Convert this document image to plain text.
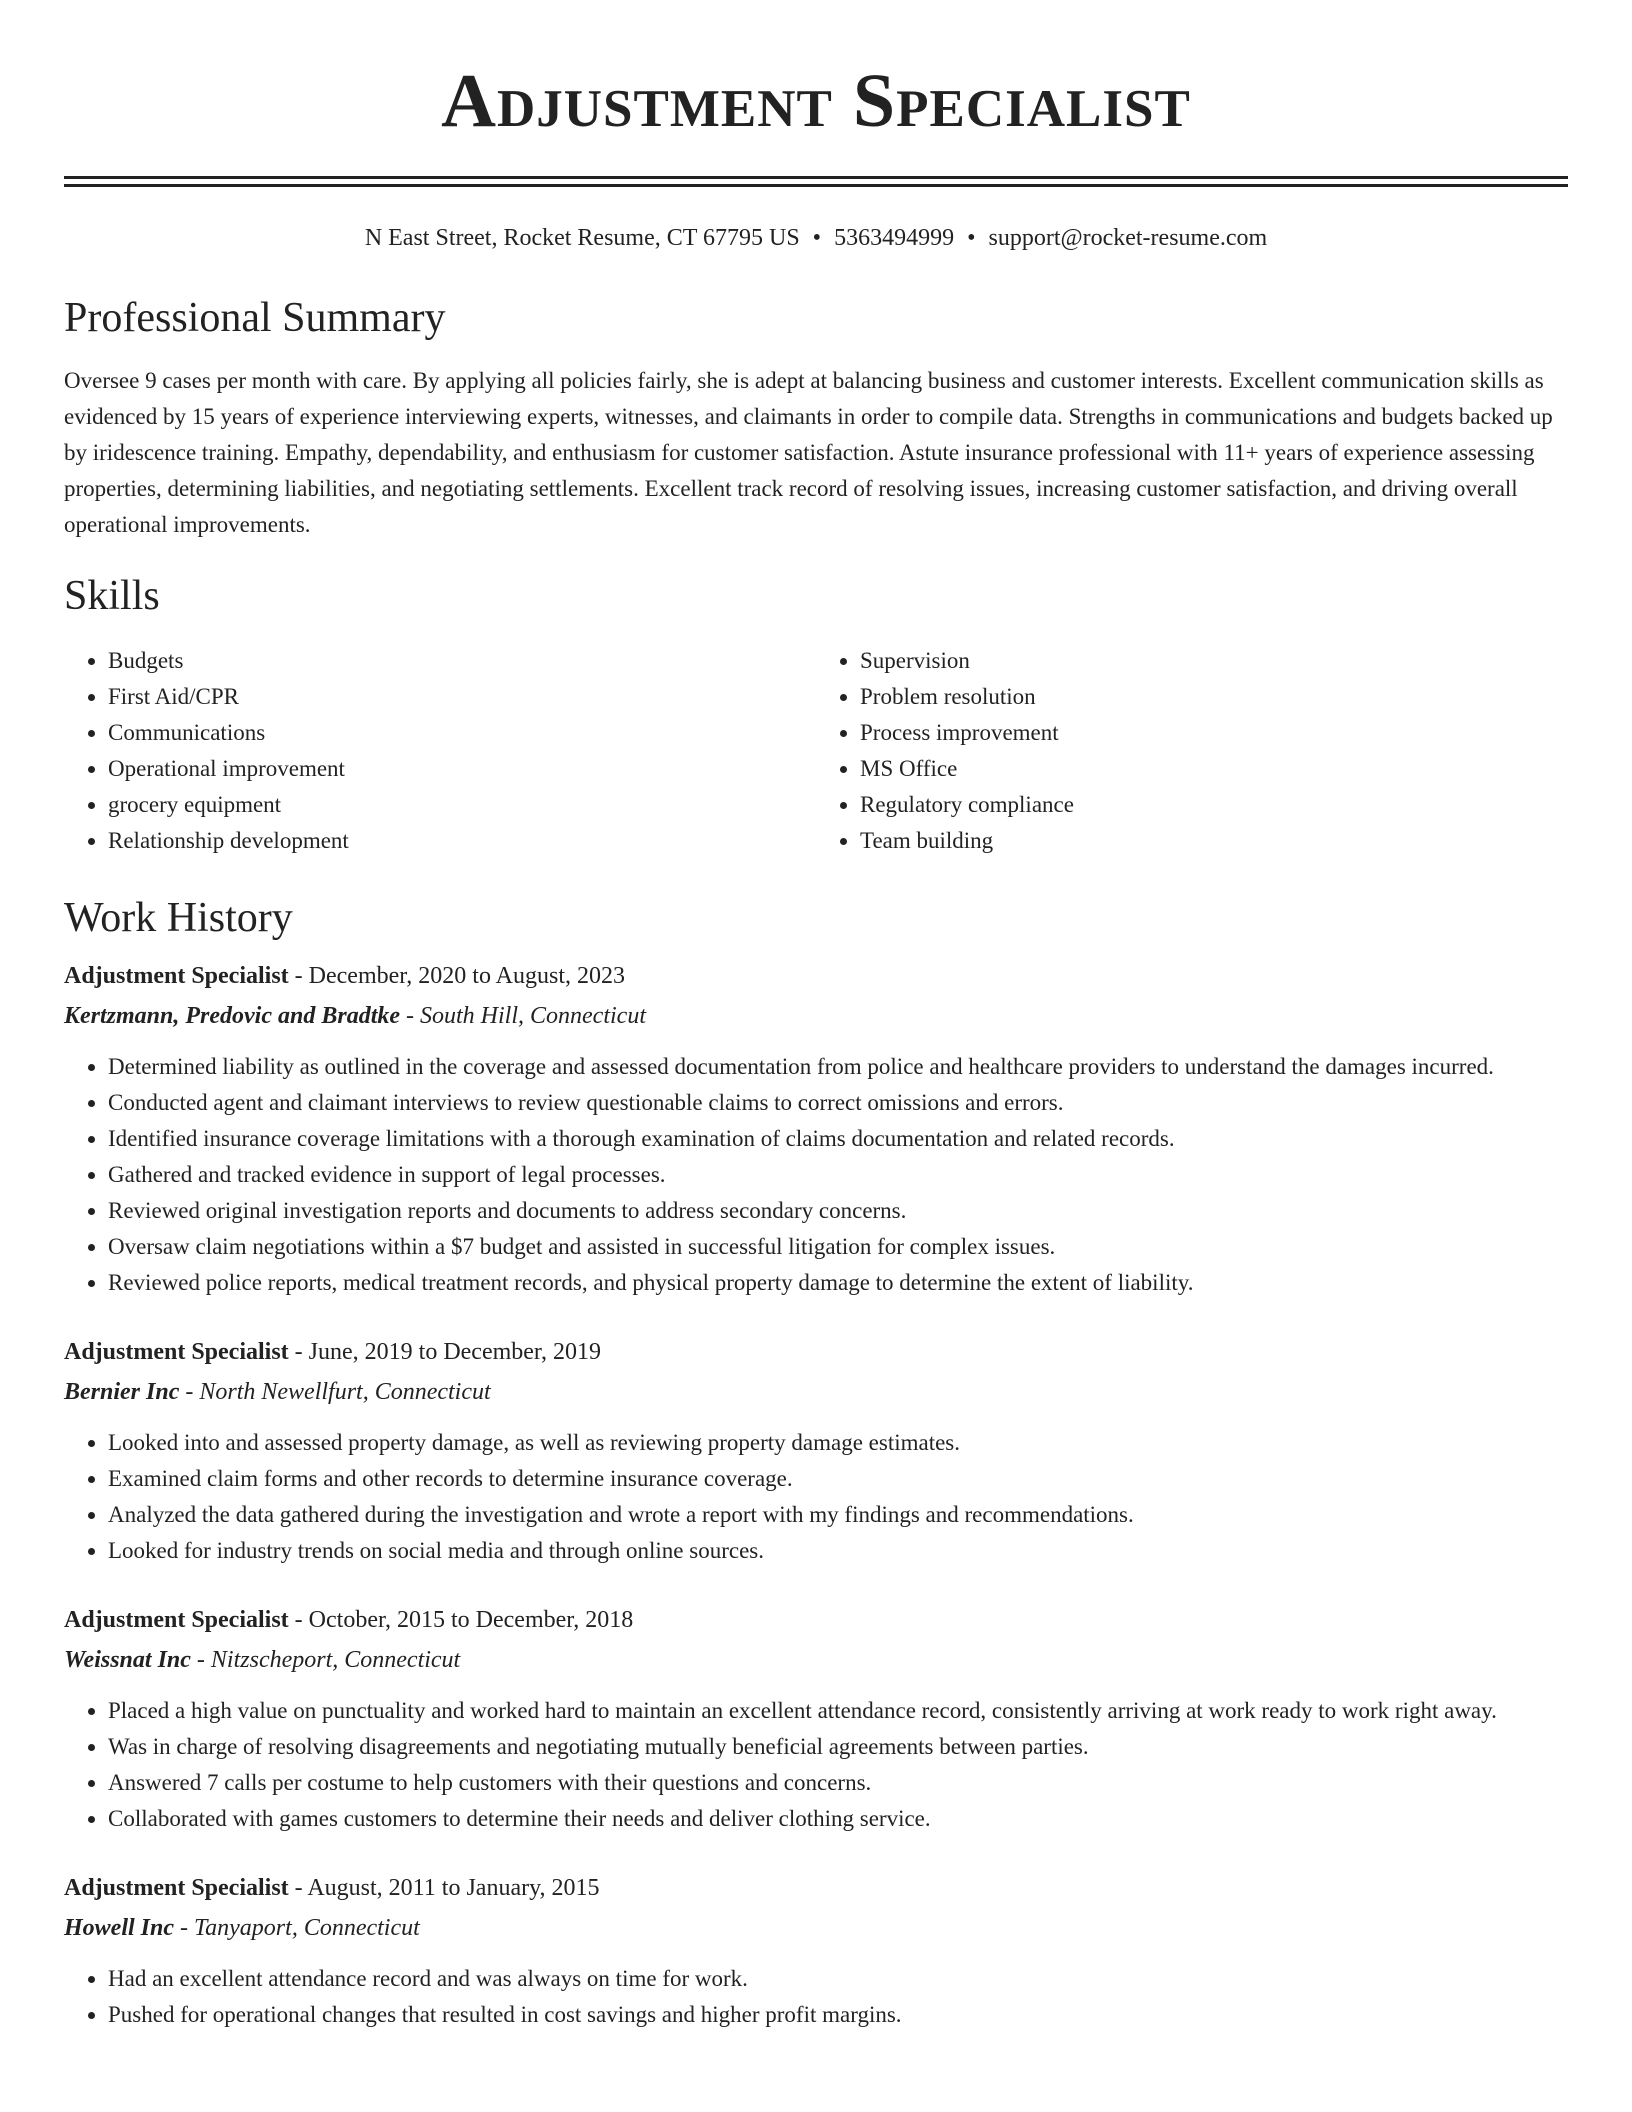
Adjustment Specialist
N East Street, Rocket Resume, CT 67795 US • 5363494999 • support@rocket-resume.com
Professional Summary

Oversee 9 cases per month with care. By applying all policies fairly, she is adept at balancing business and customer interests. Excellent communication skills as evidenced by 15 years of experience interviewing experts, witnesses, and claimants in order to compile data. Strengths in communications and budgets backed up by iridescence training. Empathy, dependability, and enthusiasm for customer satisfaction. Astute insurance professional with 11+ years of experience assessing properties, determining liabilities, and negotiating settlements. Excellent track record of resolving issues, increasing customer satisfaction, and driving overall operational improvements.

Skills
• Budgets
• First Aid/CPR
• Communications
• Operational improvement
• grocery equipment
• Relationship development
• Supervision
• Problem resolution
• Process improvement
• MS Office
• Regulatory compliance
• Team building
Work History

Adjustment Specialist - December, 2020 to August, 2023

Kertzmann, Predovic and Bradtke - South Hill, Connecticut

• Determined liability as outlined in the coverage and assessed documentation from police and healthcare providers to understand the damages incurred.
• Conducted agent and claimant interviews to review questionable claims to correct omissions and errors.
• Identified insurance coverage limitations with a thorough examination of claims documentation and related records.
• Gathered and tracked evidence in support of legal processes.
• Reviewed original investigation reports and documents to address secondary concerns.
• Oversaw claim negotiations within a $7 budget and assisted in successful litigation for complex issues.
• Reviewed police reports, medical treatment records, and physical property damage to determine the extent of liability.

Adjustment Specialist - June, 2019 to December, 2019

Bernier Inc - North Newellfurt, Connecticut

• Looked into and assessed property damage, as well as reviewing property damage estimates.
• Examined claim forms and other records to determine insurance coverage.
• Analyzed the data gathered during the investigation and wrote a report with my findings and recommendations.
• Looked for industry trends on social media and through online sources.

Adjustment Specialist - October, 2015 to December, 2018

Weissnat Inc - Nitzscheport, Connecticut

• Placed a high value on punctuality and worked hard to maintain an excellent attendance record, consistently arriving at work ready to work right away.
• Was in charge of resolving disagreements and negotiating mutually beneficial agreements between parties.
• Answered 7 calls per costume to help customers with their questions and concerns.
• Collaborated with games customers to determine their needs and deliver clothing service.

Adjustment Specialist - August, 2011 to January, 2015

Howell Inc - Tanyaport, Connecticut

• Had an excellent attendance record and was always on time for work.
• Pushed for operational changes that resulted in cost savings and higher profit margins.
